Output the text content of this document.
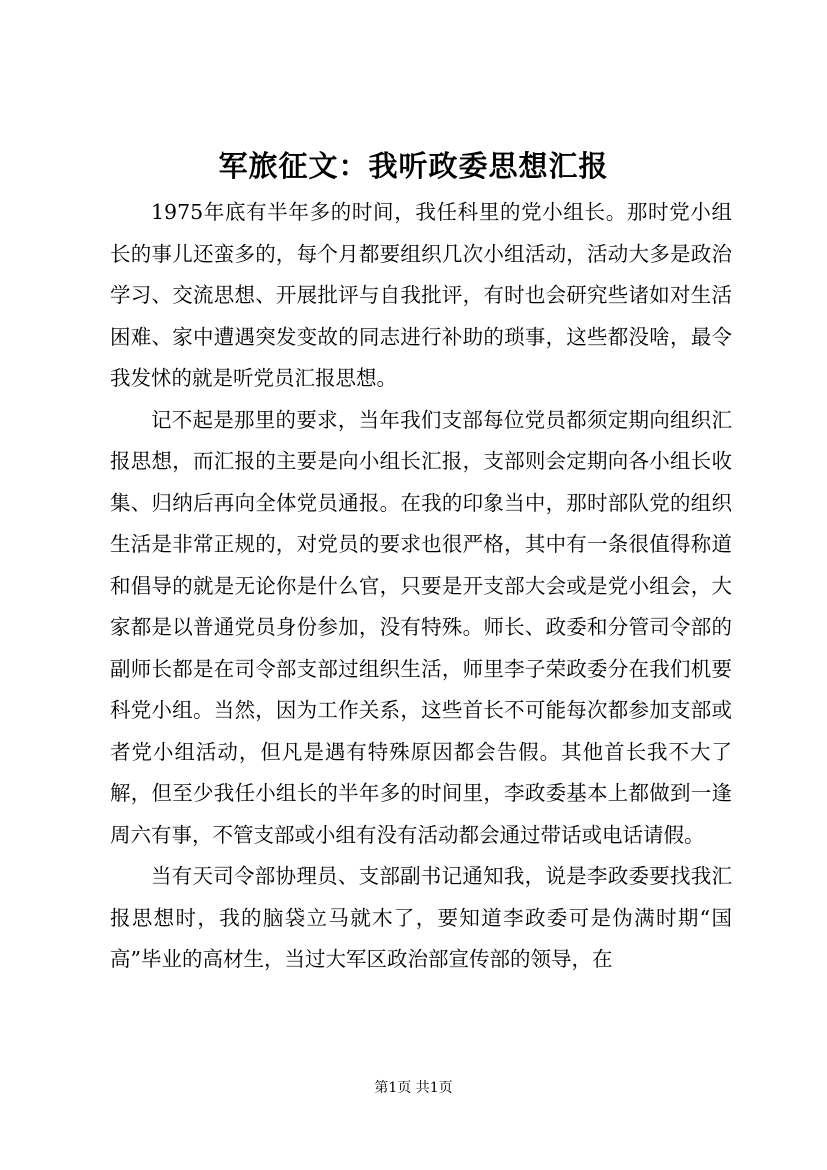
军旅征文：我听政委思想汇报

1975年底有半年多的时间，我任科里的党小组长。那时党小组长的事儿还蛮多的，每个月都要组织几次小组活动，活动大多是政治学习、交流思想、开展批评与自我批评，有时也会研究些诸如对生活困难、家中遭遇突发变故的同志进行补助的琐事，这些都没啥，最令我发怵的就是听党员汇报思想。

记不起是那里的要求，当年我们支部每位党员都须定期向组织汇报思想，而汇报的主要是向小组长汇报，支部则会定期向各小组长收集、归纳后再向全体党员通报。在我的印象当中，那时部队党的组织生活是非常正规的，对党员的要求也很严格，其中有一条很值得称道和倡导的就是无论你是什么官，只要是开支部大会或是党小组会，大家都是以普通党员身份参加，没有特殊。师长、政委和分管司令部的副师长都是在司令部支部过组织生活，师里李子荣政委分在我们机要科党小组。当然，因为工作关系，这些首长不可能每次都参加支部或者党小组活动，但凡是遇有特殊原因都会告假。其他首长我不大了解，但至少我任小组长的半年多的时间里，李政委基本上都做到一逢周六有事，不管支部或小组有没有活动都会通过带话或电话请假。

当有天司令部协理员、支部副书记通知我，说是李政委要找我汇报思想时，我的脑袋立马就木了，要知道李政委可是伪满时期“国高”毕业的高材生，当过大军区政治部宣传部的领导，在

第1页 共1页
